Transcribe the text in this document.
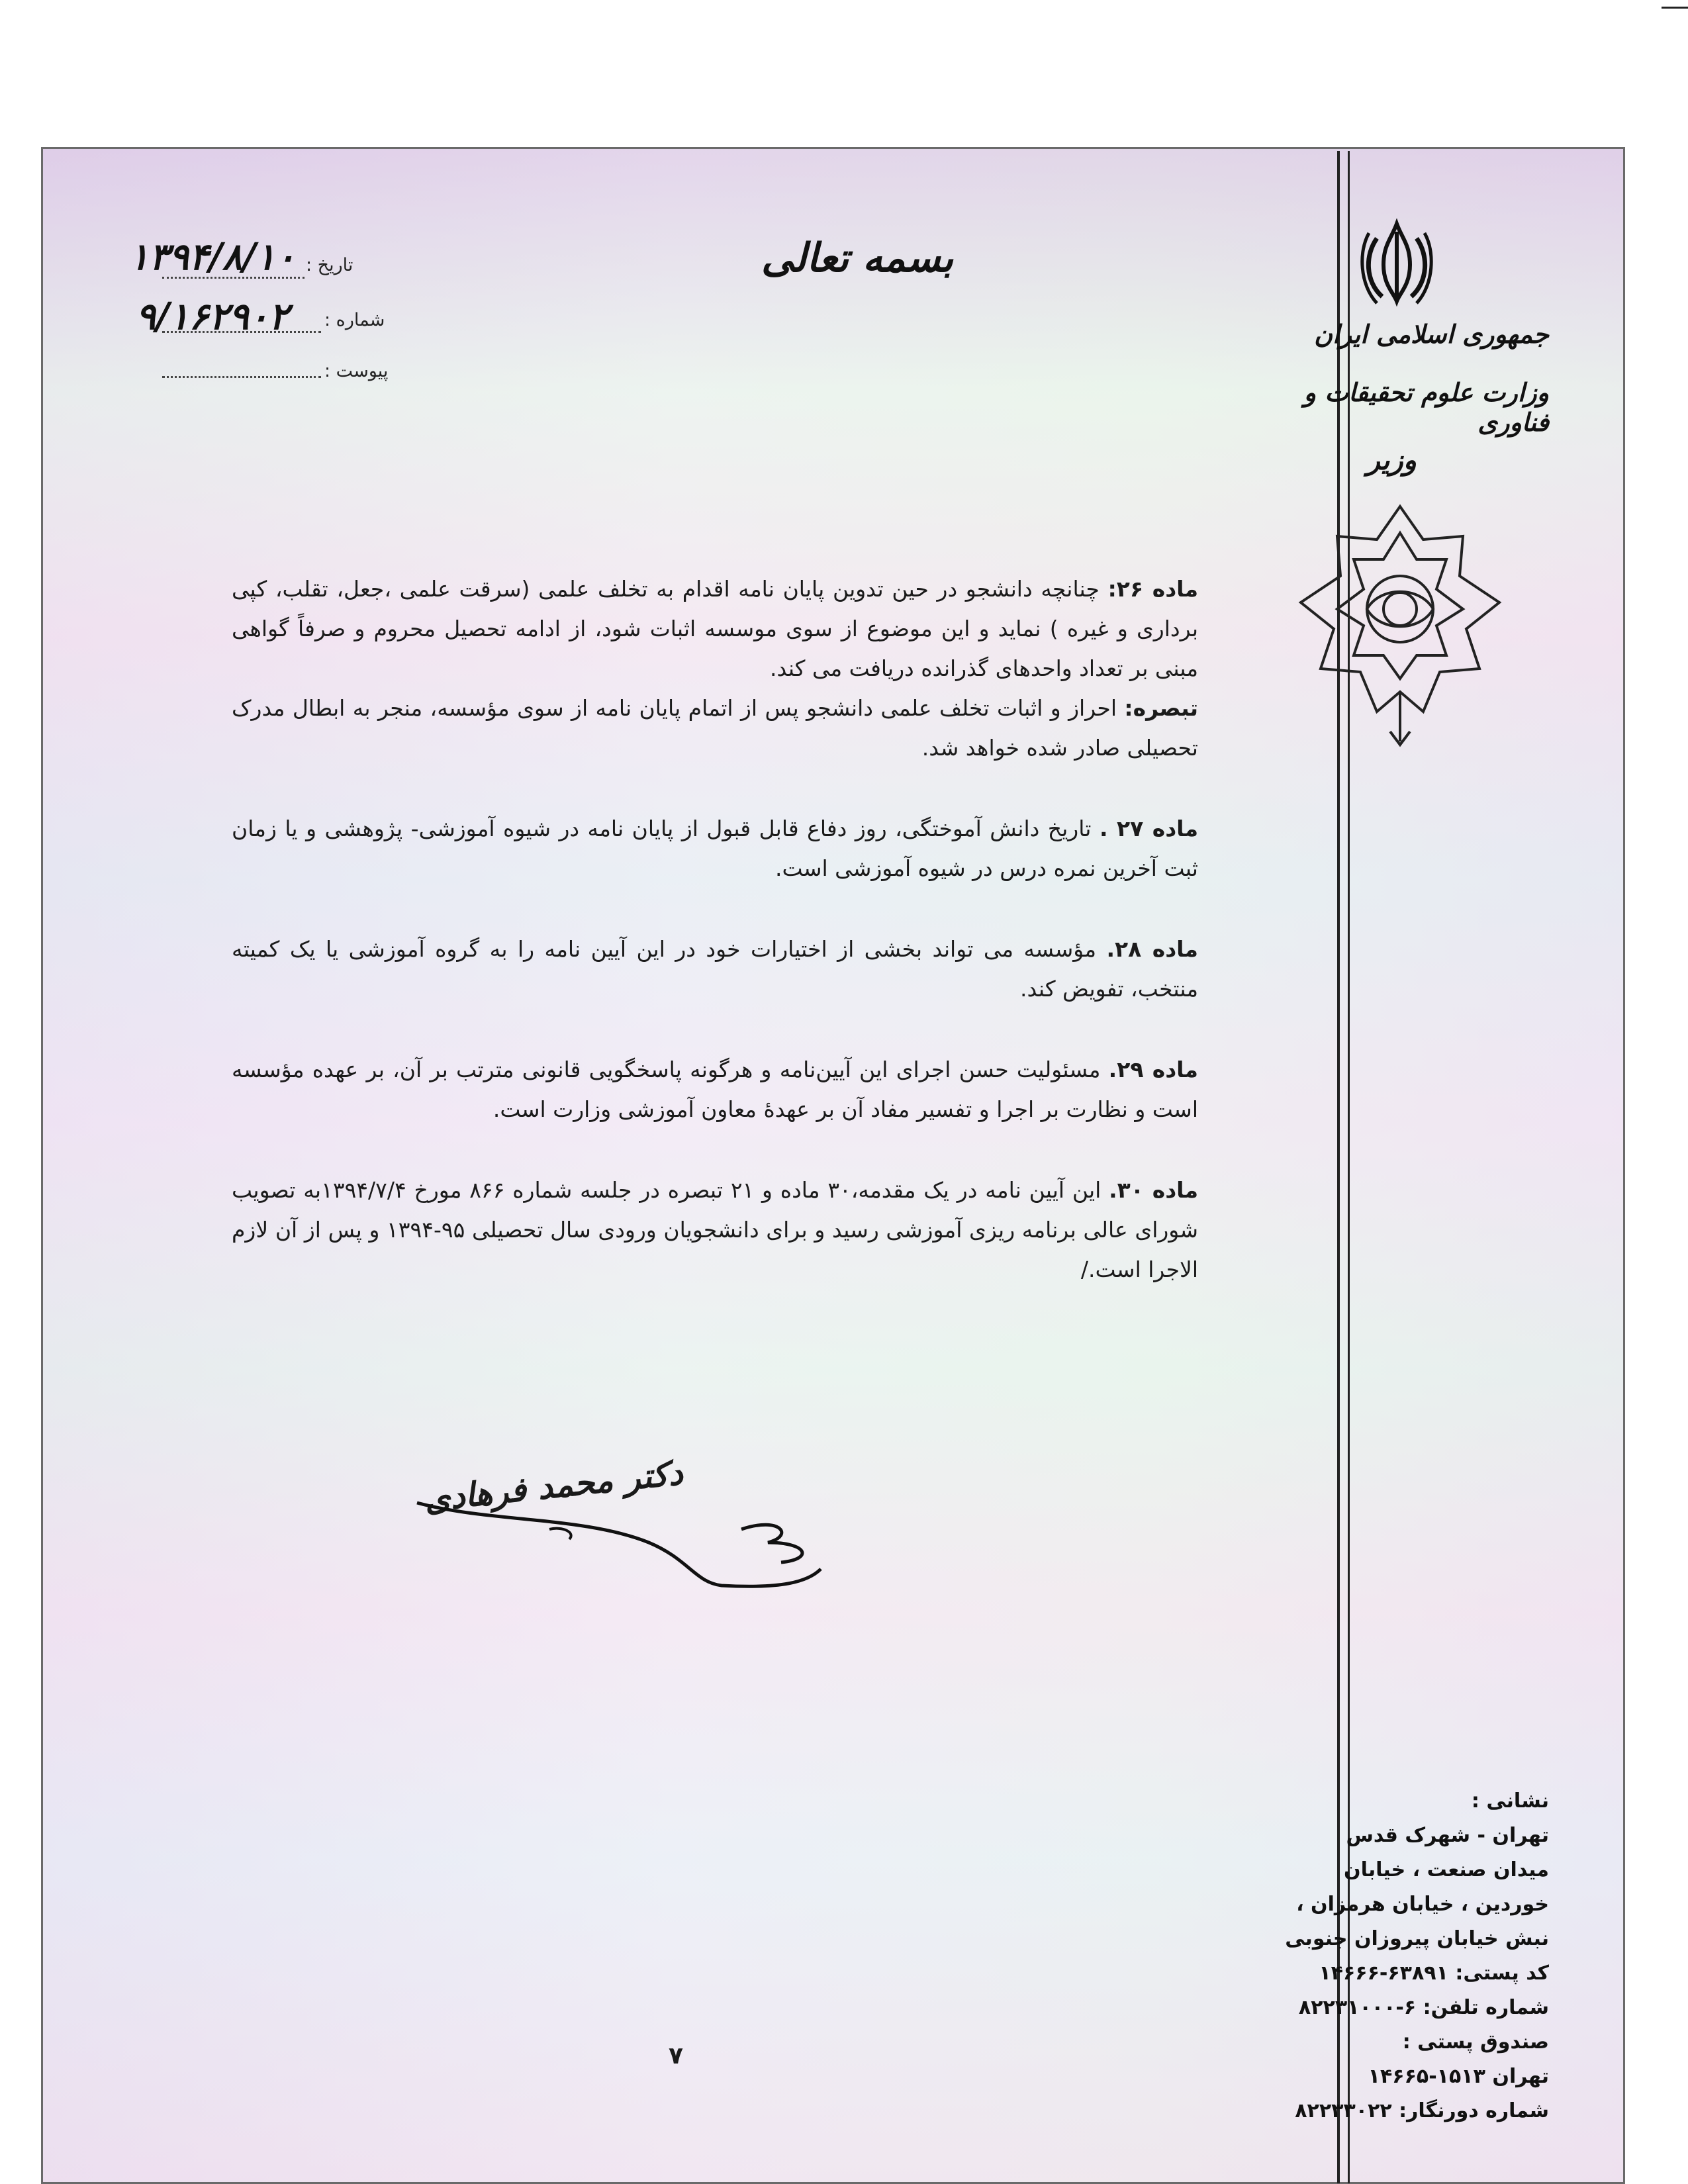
بسمه تعالی
تاریخ :
۱۳۹۴/۸/۱۰
شماره :
۹/۱۶۲۹۰۲
پیوست :
جمهوری اسلامی ایران
وزارت علوم تحقیقات و فناوری
وزیر

ماده ۲۶: چنانچه دانشجو در حین تدوین پایان نامه اقدام به تخلف علمی (سرقت علمی ،جعل، تقلب، کپی برداری و غیره ) نماید و این موضوع از سوی موسسه اثبات شود، از ادامه تحصیل محروم و صرفاً گواهی مبنی بر تعداد واحدهای گذرانده دریافت می کند.

تبصره: احراز و اثبات تخلف علمی دانشجو پس از اتمام پایان نامه از سوی مؤسسه، منجر به ابطال مدرک تحصیلی صادر شده خواهد شد.

ماده ۲۷ . تاریخ دانش آموختگی، روز دفاع قابل قبول از پایان نامه در شیوه آموزشی- پژوهشی و یا زمان ثبت آخرین نمره درس در شیوه آموزشی است.

ماده ۲۸. مؤسسه می تواند بخشی از اختیارات خود در این آیین نامه را به گروه آموزشی یا یک کمیته منتخب، تفویض کند.

ماده ۲۹. مسئولیت حسن اجرای این آیین‌نامه و هرگونه پاسخگویی قانونی مترتب بر آن، بر عهده مؤسسه است و نظارت بر اجرا و تفسیر مفاد آن بر عهدهٔ معاون آموزشی وزارت است.

ماده ۳۰. این آیین نامه در یک مقدمه،۳۰ ماده و ۲۱ تبصره در جلسه شماره ۸۶۶ مورخ ۱۳۹۴/۷/۴به تصویب شورای عالی برنامه ریزی آموزشی رسید و برای دانشجویان ورودی سال تحصیلی ۹۵-۱۳۹۴ و پس از آن لازم الاجرا است./

دکتر محمد فرهادی
نشانی :
تهران - شهرک قدس
میدان صنعت ، خیابان
خوردین ، خیابان هرمزان ،
نبش خیابان پیروزان جنوبی
کد پستی: ۶۳۸۹۱-۱۴۶۶۶
شماره تلفن: ۶-۸۲۲۳۱۰۰۰
صندوق پستی :
تهران ۱۵۱۳-۱۴۶۶۵
شماره دورنگار: ۸۲۲۳۳۰۲۲
۷
